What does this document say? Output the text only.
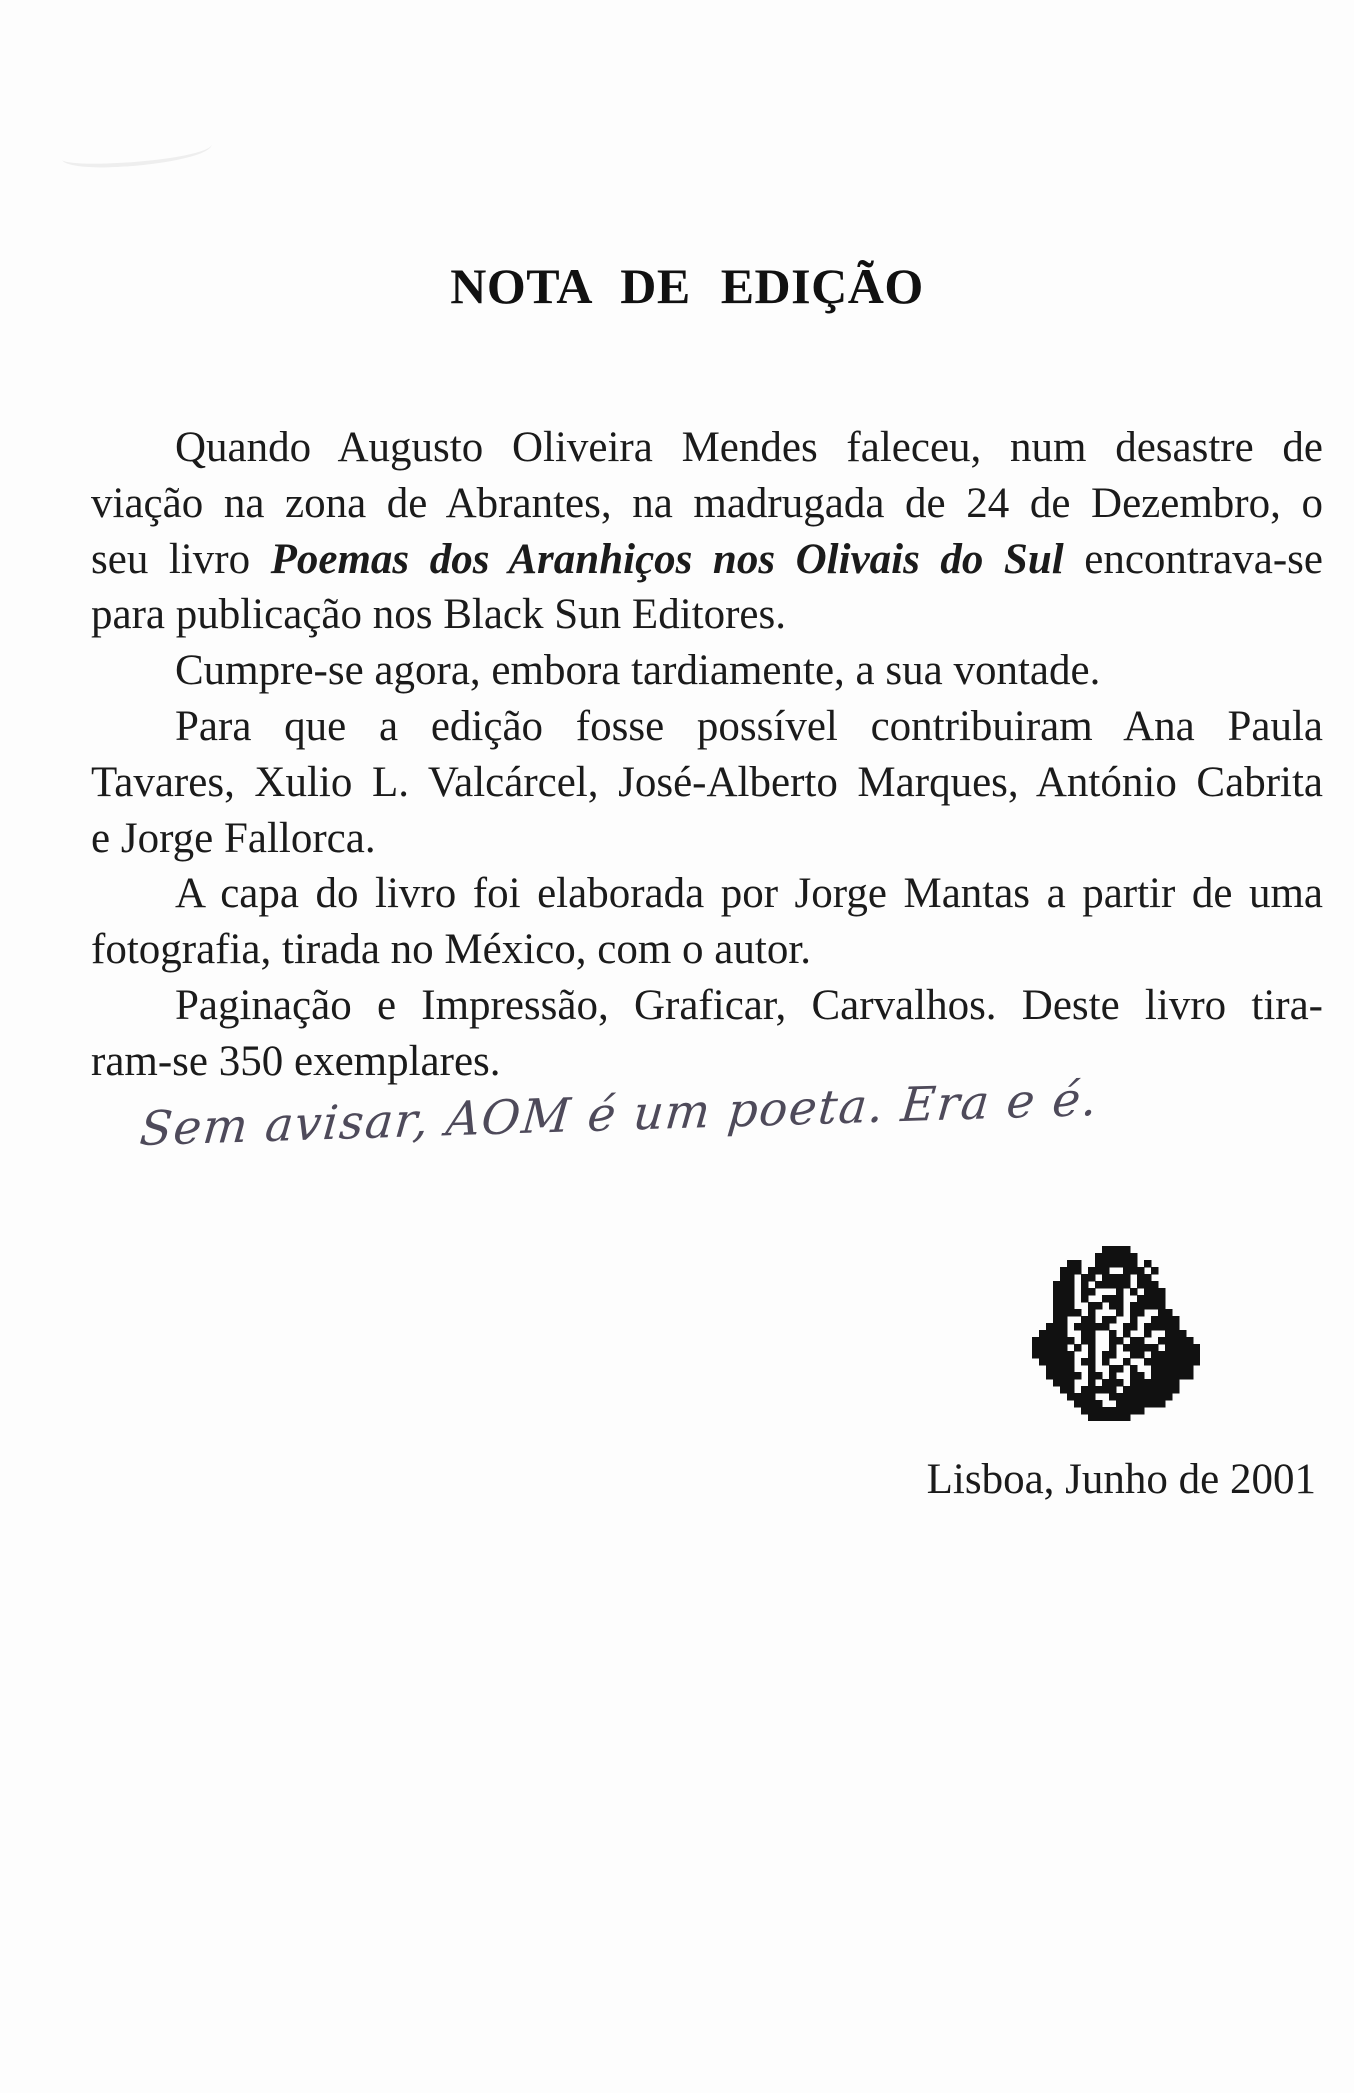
NOTA DE EDIÇÃO

Quando Augusto Oliveira Mendes faleceu, num desastre de

viação na zona de Abrantes, na madrugada de 24 de Dezembro, o

seu livro Poemas dos Aranhiços nos Olivais do Sul encontrava-se

para publicação nos Black Sun Editores.

Cumpre-se agora, embora tardiamente, a sua vontade.

Para que a edição fosse possível contribuiram Ana Paula

Tavares, Xulio L. Valcárcel, José-Alberto Marques, António Cabrita

e Jorge Fallorca.

A capa do livro foi elaborada por Jorge Mantas a partir de uma

fotografia, tirada no México, com o autor.

Paginação e Impressão, Graficar, Carvalhos. Deste livro tira-

ram-se 350 exemplares.

Sem avisar, AOM é um poeta. Era e é.
Lisboa, Junho de 2001
